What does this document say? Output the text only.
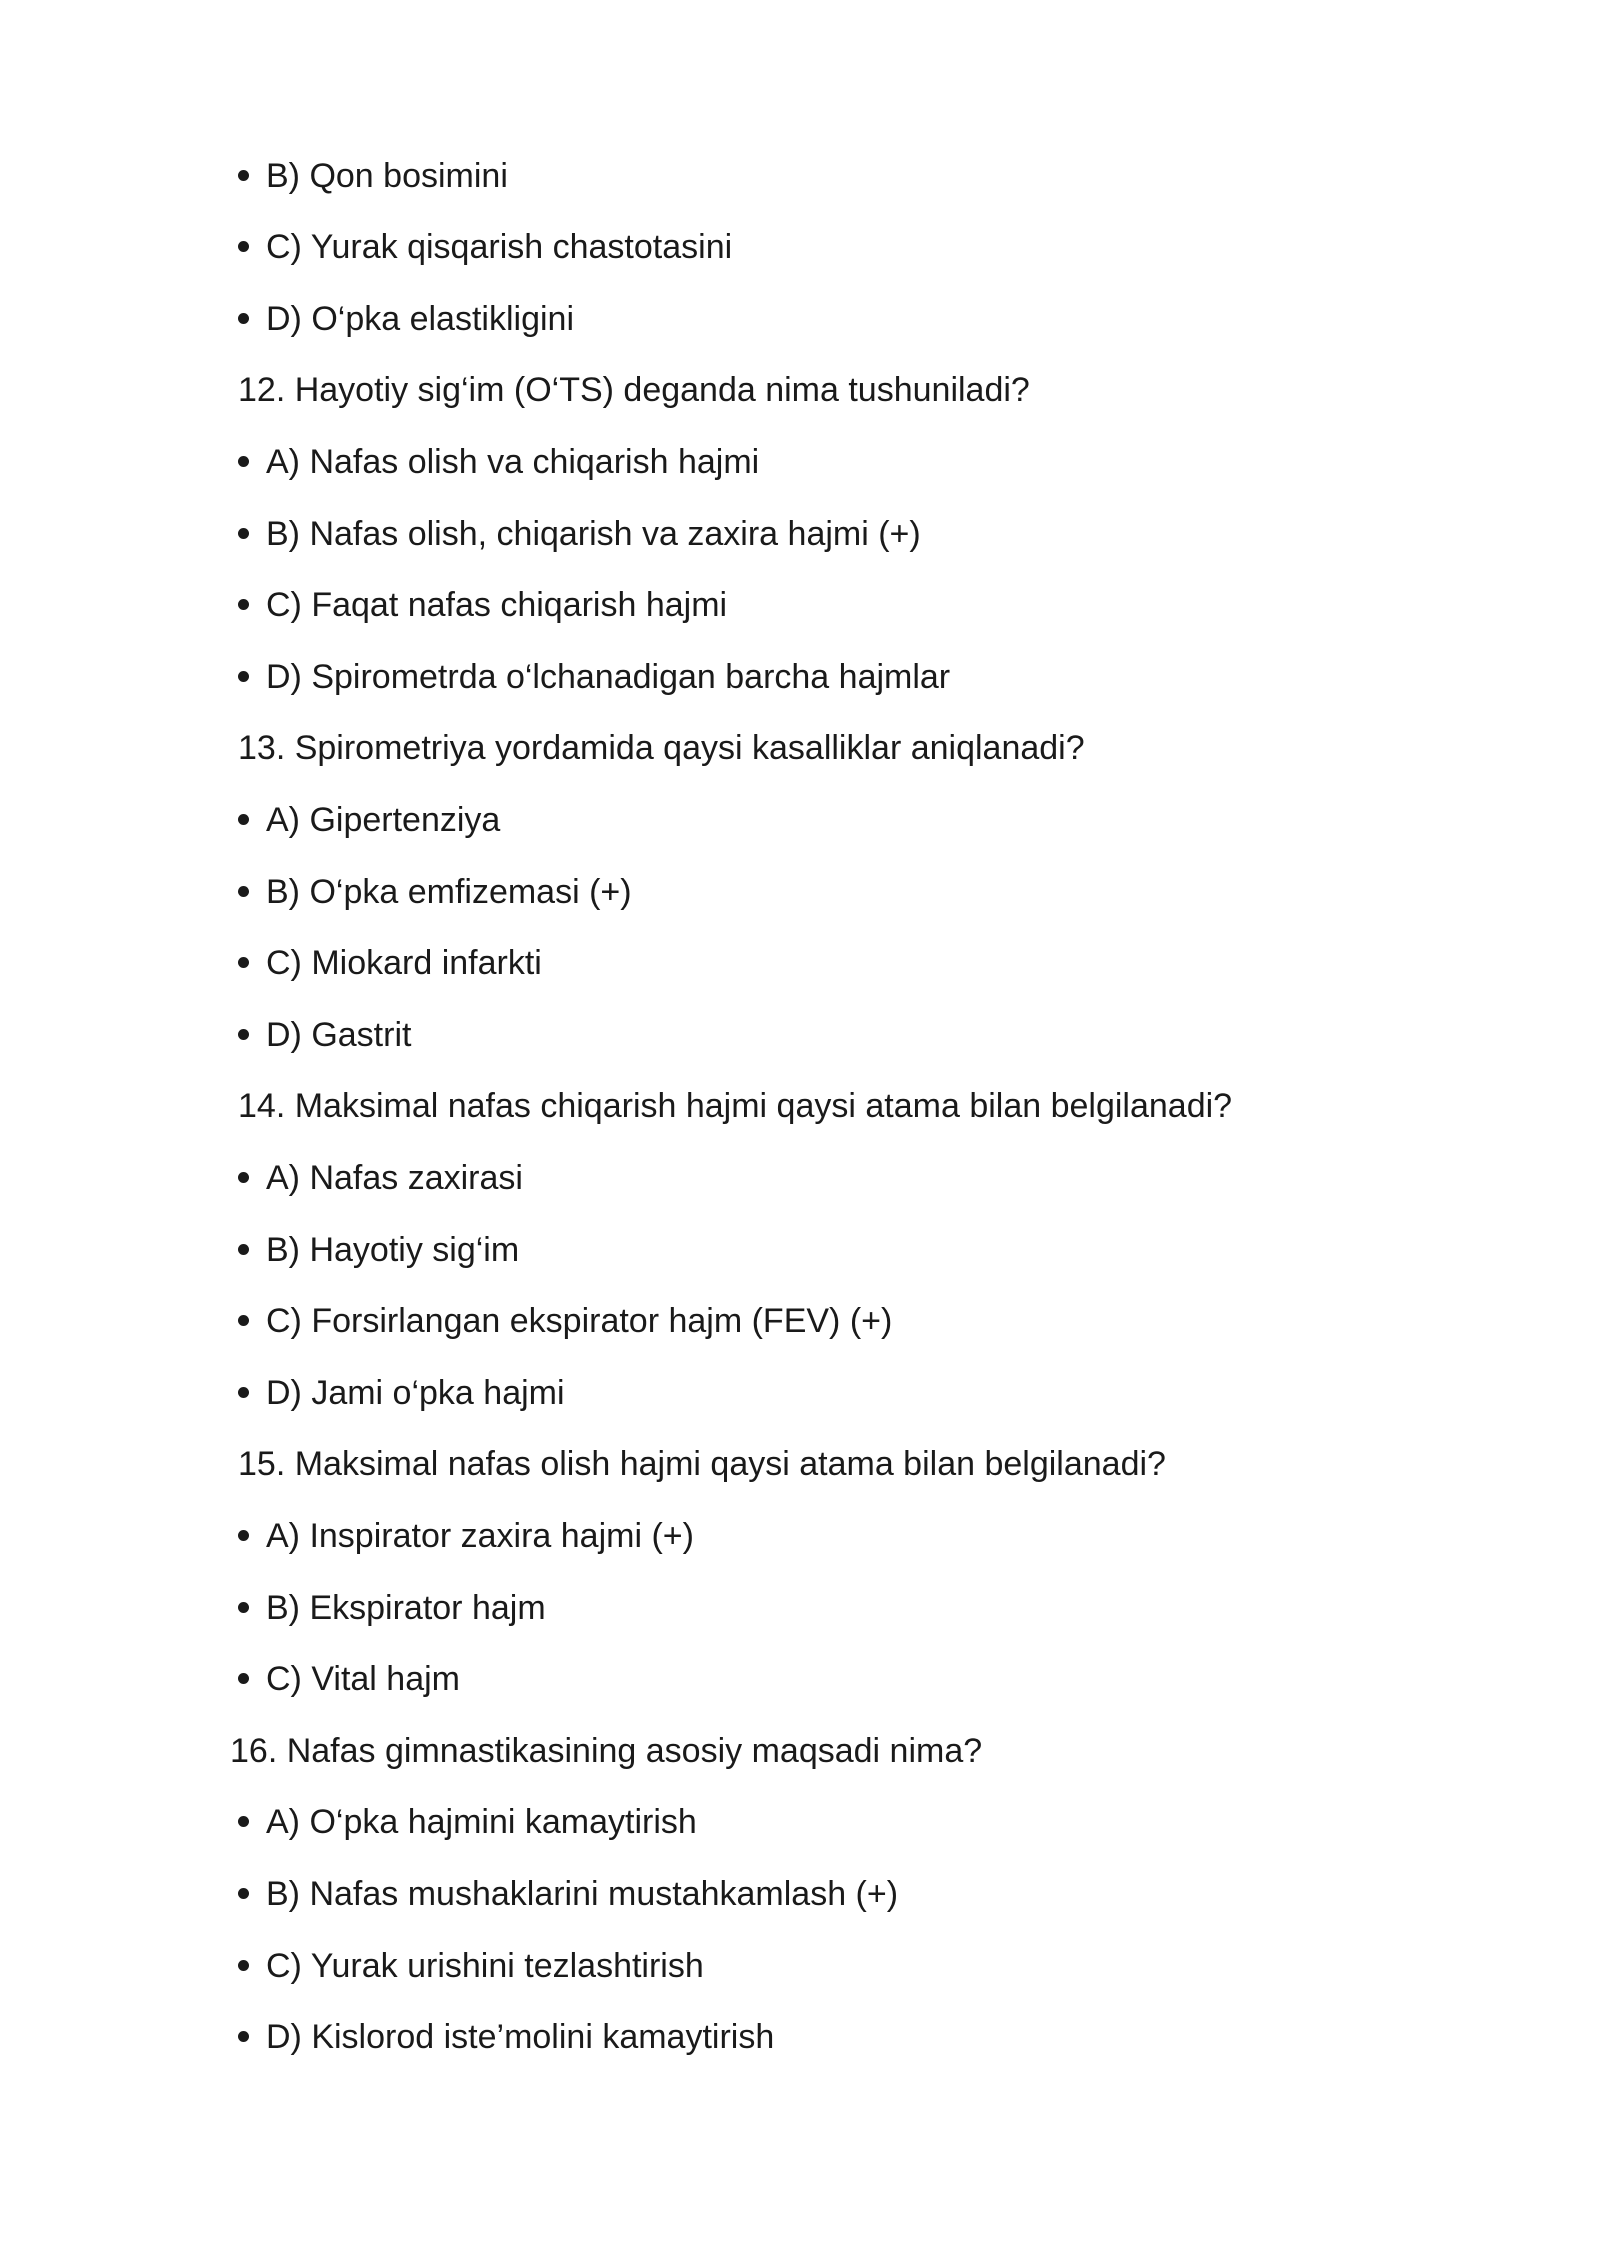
B) Qon bosimini
C) Yurak qisqarish chastotasini
D) O‘pka elastikligini
12. Hayotiy sig‘im (O‘TS) deganda nima tushuniladi?
A) Nafas olish va chiqarish hajmi
B) Nafas olish, chiqarish va zaxira hajmi (+)
C) Faqat nafas chiqarish hajmi
D) Spirometrda o‘lchanadigan barcha hajmlar
13. Spirometriya yordamida qaysi kasalliklar aniqlanadi?
A) Gipertenziya
B) O‘pka emfizemasi (+)
C) Miokard infarkti
D) Gastrit
14. Maksimal nafas chiqarish hajmi qaysi atama bilan belgilanadi?
A) Nafas zaxirasi
B) Hayotiy sig‘im
C) Forsirlangan ekspirator hajm (FEV) (+)
D) Jami o‘pka hajmi
15. Maksimal nafas olish hajmi qaysi atama bilan belgilanadi?
A) Inspirator zaxira hajmi (+)
B) Ekspirator hajm
C) Vital hajm
16. Nafas gimnastikasining asosiy maqsadi nima?
A) O‘pka hajmini kamaytirish
B) Nafas mushaklarini mustahkamlash (+)
C) Yurak urishini tezlashtirish
D) Kislorod iste’molini kamaytirish
